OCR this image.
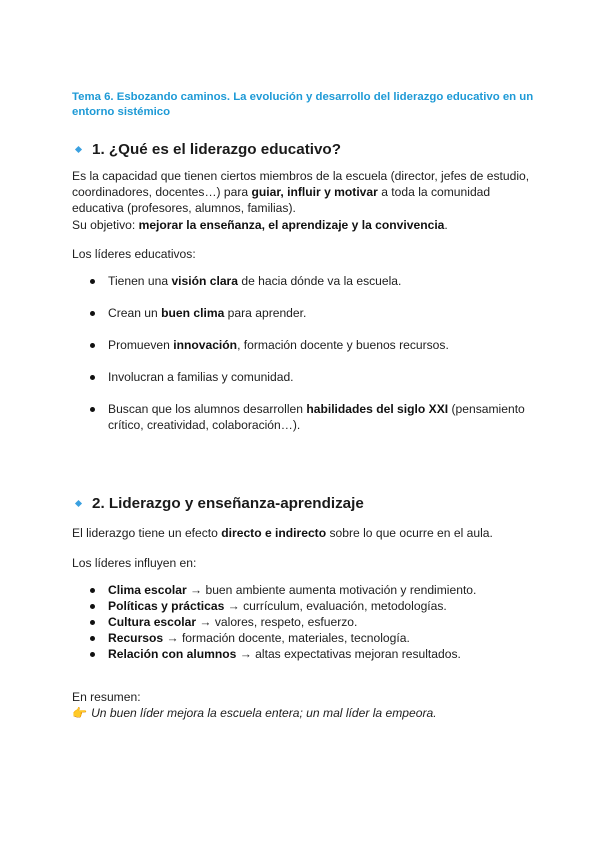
Tema 6. Esbozando caminos. La evolución y desarrollo del liderazgo educativo en un entorno sistémico
1. ¿Qué es el liderazgo educativo?
Es la capacidad que tienen ciertos miembros de la escuela (director, jefes de estudio, coordinadores, docentes…) para guiar, influir y motivar a toda la comunidad educativa (profesores, alumnos, familias).
Su objetivo: mejorar la enseñanza, el aprendizaje y la convivencia.
Los líderes educativos:
Tienen una visión clara de hacia dónde va la escuela.
Crean un buen clima para aprender.
Promueven innovación, formación docente y buenos recursos.
Involucran a familias y comunidad.
Buscan que los alumnos desarrollen habilidades del siglo XXI (pensamiento crítico, creatividad, colaboración…).
2. Liderazgo y enseñanza-aprendizaje
El liderazgo tiene un efecto directo e indirecto sobre lo que ocurre en el aula.
Los líderes influyen en:
Clima escolar → buen ambiente aumenta motivación y rendimiento.
Políticas y prácticas → currículum, evaluación, metodologías.
Cultura escolar → valores, respeto, esfuerzo.
Recursos → formación docente, materiales, tecnología.
Relación con alumnos → altas expectativas mejoran resultados.
En resumen:
👉 Un buen líder mejora la escuela entera; un mal líder la empeora.
